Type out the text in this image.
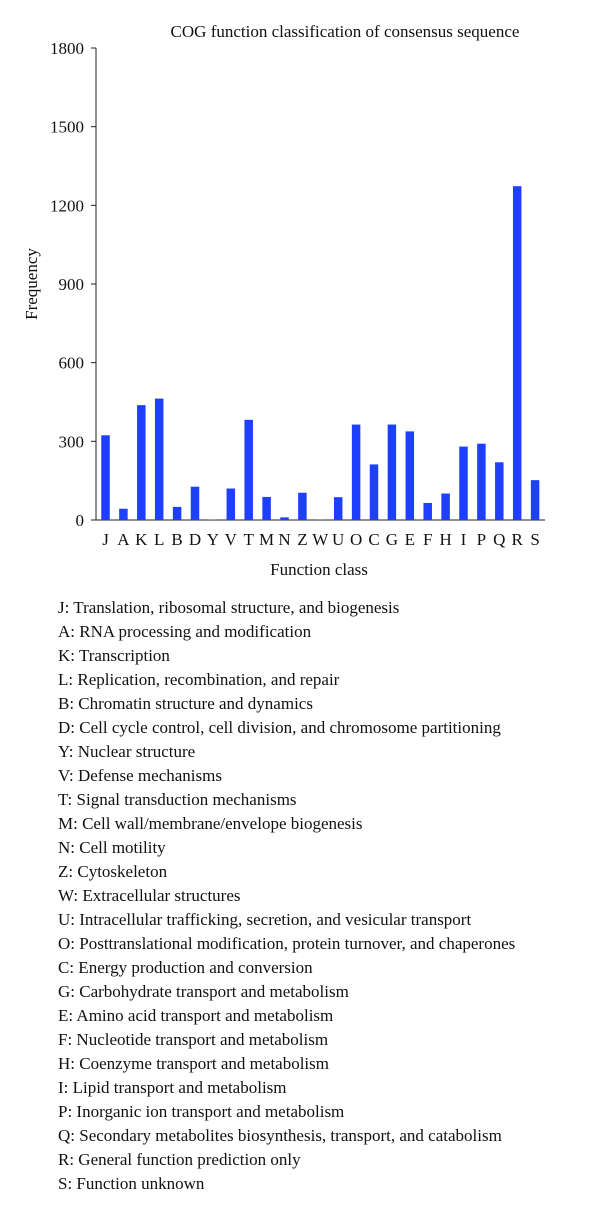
COG function classification of consensus sequence
0
300
600
900
1200
1500
1800
J A K L B D Y V T M N Z W U O C G E F H I P Q R S
Frequency
Function class
J: Translation, ribosomal structure, and biogenesis
A: RNA processing and modification
K: Transcription
L: Replication, recombination, and repair
B: Chromatin structure and dynamics
D: Cell cycle control, cell division, and chromosome partitioning
Y: Nuclear structure
V: Defense mechanisms
T: Signal transduction mechanisms
M: Cell wall/membrane/envelope biogenesis
N: Cell motility
Z: Cytoskeleton
W: Extracellular structures
U: Intracellular trafficking, secretion, and vesicular transport
O: Posttranslational modification, protein turnover, and chaperones
C: Energy production and conversion
G: Carbohydrate transport and metabolism
E: Amino acid transport and metabolism
F: Nucleotide transport and metabolism
H: Coenzyme transport and metabolism
I: Lipid transport and metabolism
P: Inorganic ion transport and metabolism
Q: Secondary metabolites biosynthesis, transport, and catabolism
R: General function prediction only
S: Function unknown
